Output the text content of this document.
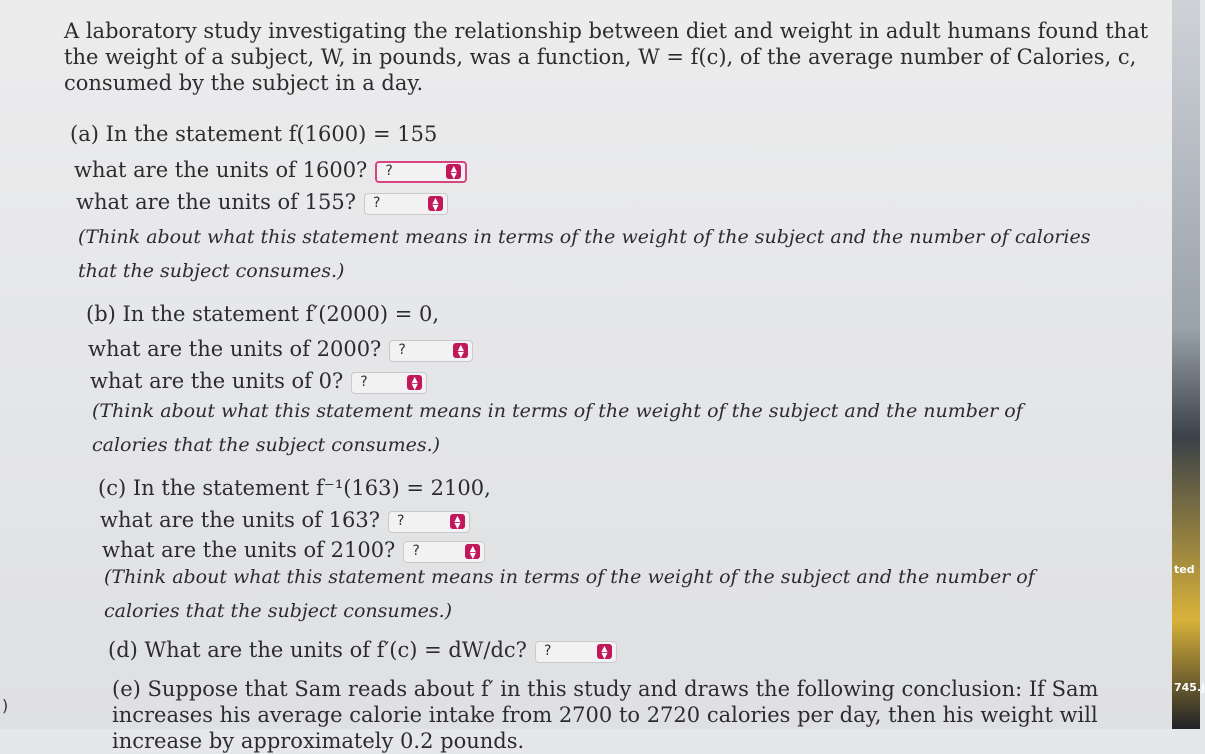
A laboratory study investigating the relationship between diet and weight in adult humans found that the weight of a subject, W, in pounds, was a function, W = f(c), of the average number of Calories, c, consumed by the subject in a day.
(a) In the statement f(1600) = 155
what are the units of 1600? ?	▲
▼
what are the units of 155? ?	▲
▼
(Think about what this statement means in terms of the weight of the subject and the number of calories that the subject consumes.)
(b) In the statement f′(2000) = 0,
what are the units of 2000? ?	▲
▼
what are the units of 0? ?	▲
▼
(Think about what this statement means in terms of the weight of the subject and the number of calories that the subject consumes.)
(c) In the statement f⁻¹(163) = 2100,
what are the units of 163? ?	▲
▼
what are the units of 2100? ?	▲
▼
(Think about what this statement means in terms of the weight of the subject and the number of calories that the subject consumes.)
(d) What are the units of f′(c) = dW/dc? ?	▲
▼
(e) Suppose that Sam reads about f′ in this study and draws the following conclusion: If Sam increases his average calorie intake from 2700 to 2720 calories per day, then his weight will increase by approximately 0.2 pounds.
)
ted
745.j
